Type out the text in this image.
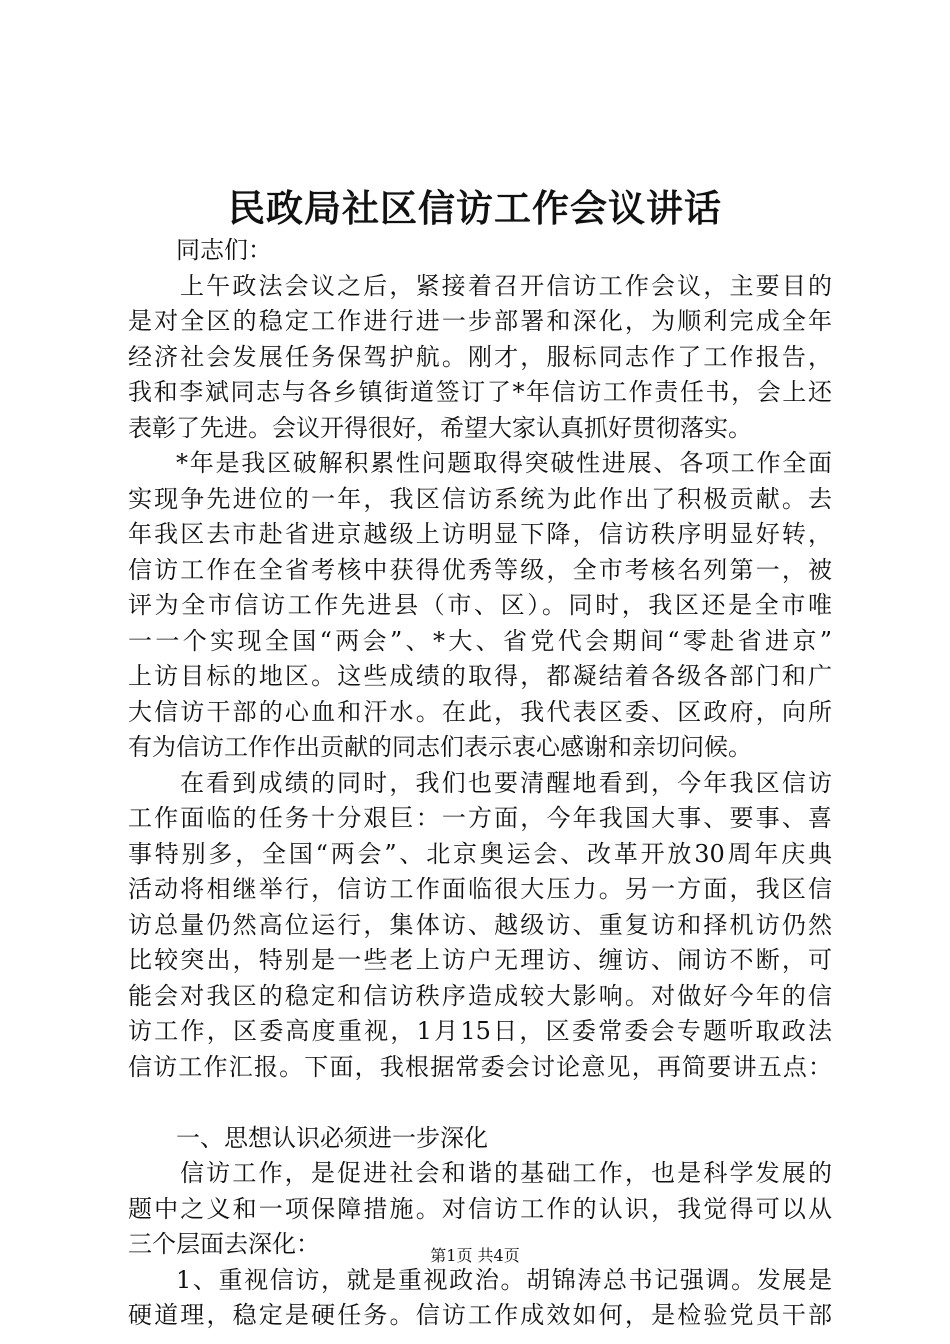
民政局社区信访工作会议讲话
同志们：
上午政法会议之后，紧接着召开信访工作会议，主要目的
是对全区的稳定工作进行进一步部署和深化，为顺利完成全年
经济社会发展任务保驾护航。刚才，服标同志作了工作报告，
我和李斌同志与各乡镇街道签订了*年信访工作责任书，会上还
表彰了先进。会议开得很好，希望大家认真抓好贯彻落实。
*年是我区破解积累性问题取得突破性进展、各项工作全面
实现争先进位的一年，我区信访系统为此作出了积极贡献。去
年我区去市赴省进京越级上访明显下降，信访秩序明显好转，
信访工作在全省考核中获得优秀等级，全市考核名列第一，被
评为全市信访工作先进县（市、区）。同时，我区还是全市唯
一一个实现全国“两会”、*大、省党代会期间“零赴省进京”
上访目标的地区。这些成绩的取得，都凝结着各级各部门和广
大信访干部的心血和汗水。在此，我代表区委、区政府，向所
有为信访工作作出贡献的同志们表示衷心感谢和亲切问候。
在看到成绩的同时，我们也要清醒地看到，今年我区信访
工作面临的任务十分艰巨：一方面，今年我国大事、要事、喜
事特别多，全国“两会”、北京奥运会、改革开放30周年庆典
活动将相继举行，信访工作面临很大压力。另一方面，我区信
访总量仍然高位运行，集体访、越级访、重复访和择机访仍然
比较突出，特别是一些老上访户无理访、缠访、闹访不断，可
能会对我区的稳定和信访秩序造成较大影响。对做好今年的信
访工作，区委高度重视，1月15日，区委常委会专题听取政法
信访工作汇报。下面，我根据常委会讨论意见，再简要讲五点：
一、思想认识必须进一步深化
信访工作，是促进社会和谐的基础工作，也是科学发展的
题中之义和一项保障措施。对信访工作的认识，我觉得可以从
三个层面去深化：
1、重视信访，就是重视政治。胡锦涛总书记强调。发展是
硬道理，稳定是硬任务。信访工作成效如何，是检验党员干部
第1页 共4页
